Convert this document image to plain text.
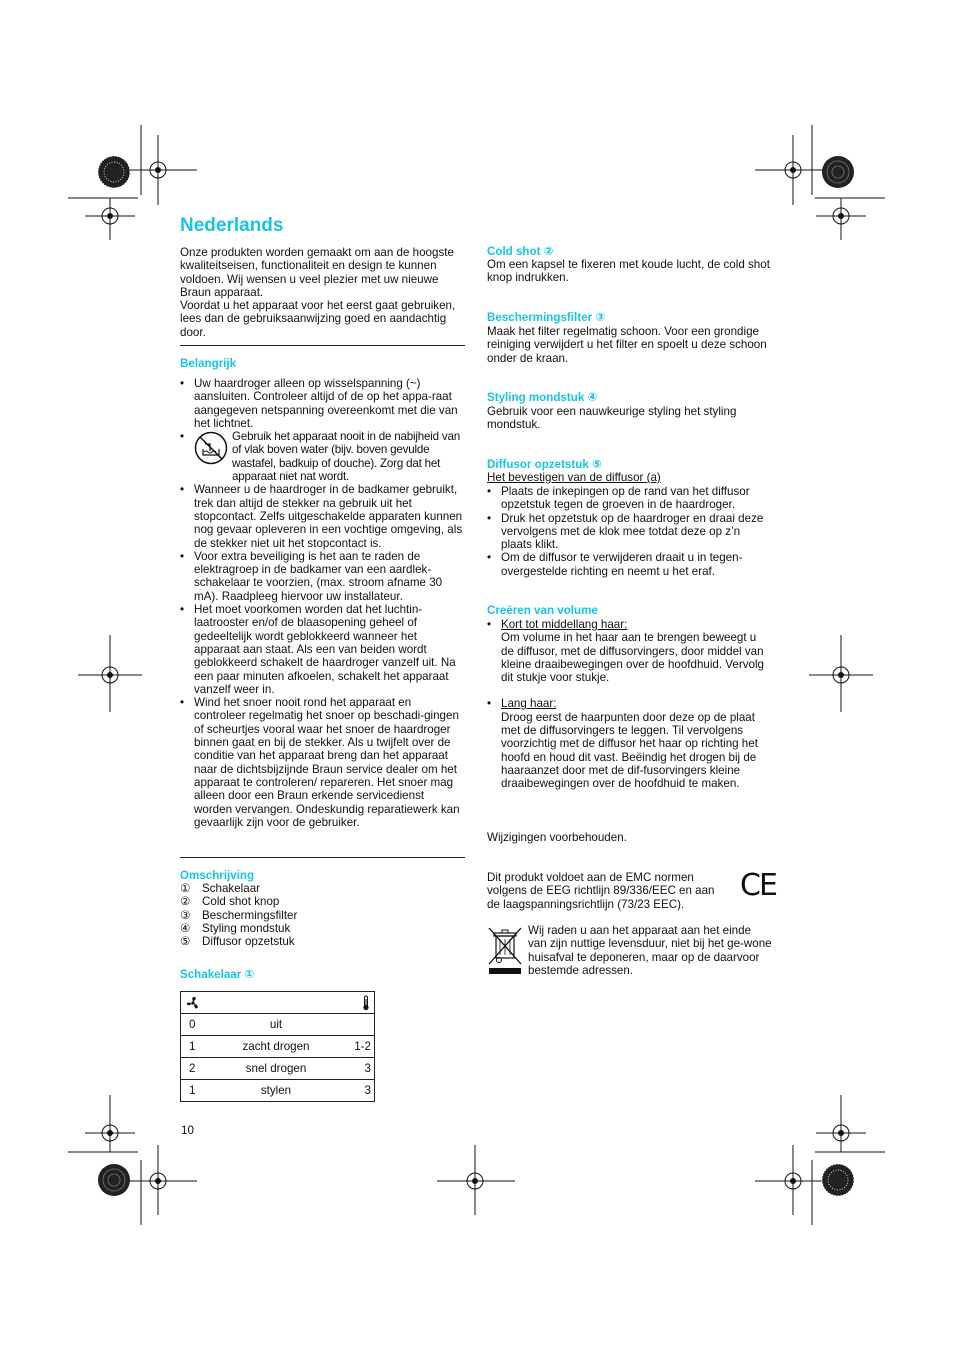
Nederlands

Onze produkten worden gemaakt om aan de hoogste kwaliteitseisen, functionaliteit en design te kunnen voldoen. Wij wensen u veel plezier met uw nieuwe Braun apparaat.
Voordat u het apparaat voor het eerst gaat gebruiken, lees dan de gebruiksaanwijzing goed en aandachtig door.

Belangrijk
• Uw haardroger alleen op wisselspanning (~) aansluiten. Controleer altijd of de op het appa-raat aangegeven netspanning overeenkomt met die van het lichtnet.
• Gebruik het apparaat nooit in de nabijheid van of vlak boven water (bijv. boven gevulde wastafel, badkuip of douche). Zorg dat het apparaat niet nat wordt.
• Wanneer u de haardroger in de badkamer gebruikt, trek dan altijd de stekker na gebruik uit het stopcontact. Zelfs uitgeschakelde apparaten kunnen nog gevaar opleveren in een vochtige omgeving, als de stekker niet uit het stopcontact is.
• Voor extra beveiliging is het aan te raden de elektragroep in de badkamer van een aardlek-schakelaar te voorzien, (max. stroom afname 30 mA). Raadpleeg hiervoor uw installateur.
• Het moet voorkomen worden dat het luchtin-laatrooster en/of de blaasopening geheel of gedeeltelijk wordt geblokkeerd wanneer het apparaat aan staat. Als een van beiden wordt geblokkeerd schakelt de haardroger vanzelf uit. Na een paar minuten afkoelen, schakelt het apparaat vanzelf weer in.
• Wind het snoer nooit rond het apparaat en controleer regelmatig het snoer op beschadi-gingen of scheurtjes vooral waar het snoer de haardroger binnen gaat en bij de stekker. Als u twijfelt over de conditie van het apparaat breng dan het apparaat naar de dichtsbijzijnde Braun service dealer om het apparaat te controleren/ repareren. Het snoer mag alleen door een Braun erkende servicedienst worden vervangen. Ondeskundig reparatiewerk kan gevaarlijk zijn voor de gebruiker.
Omschrijving
① Schakelaar
② Cold shot knop
③ Beschermingsfilter
④ Styling mondstuk
⑤ Diffusor opzetstuk
Schakelaar ①

0	uit	
1	zacht drogen	1-2
2	snel drogen	3
1	stylen	3
10
Cold shot ②

Om een kapsel te fixeren met koude lucht, de cold shot knop indrukken.

Beschermingsfilter ③

Maak het filter regelmatig schoon. Voor een grondige reiniging verwijdert u het filter en spoelt u deze schoon onder de kraan.

Styling mondstuk ④

Gebruik voor een nauwkeurige styling het styling mondstuk.

Diffusor opzetstuk ⑤

Het bevestigen van de diffusor (a)

• Plaats de inkepingen op de rand van het diffusor opzetstuk tegen de groeven in de haardroger.
• Druk het opzetstuk op de haardroger en draai deze vervolgens met de klok mee totdat deze op z’n plaats klikt.
• Om de diffusor te verwijderen draait u in tegen-overgestelde richting en neemt u het eraf.
Creëren van volume
• Kort tot middellang haar:
Om volume in het haar aan te brengen beweegt u de diffusor, met de diffusorvingers, door middel van kleine draaibewegingen over de hoofdhuid. Vervolg dit stukje voor stukje.
• Lang haar:
Droog eerst de haarpunten door deze op de plaat met de diffusorvingers te leggen. Til vervolgens voorzichtig met de diffusor het haar op richting het hoofd en houd dit vast. Beëindig het drogen bij de haaraanzet door met de dif-fusorvingers kleine draaibewegingen over de hoofdhuid te maken.

Wijzigingen voorbehouden.

Dit produkt voldoet aan de EMC normen volgens de EEG richtlijn 89/336/EEC en aan de laagspanningsrichtlijn (73/23 EEC).

CE

Wij raden u aan het apparaat aan het einde van zijn nuttige levensduur, niet bij het ge-wone huisafval te deponeren, maar op de daarvoor bestemde adressen.
